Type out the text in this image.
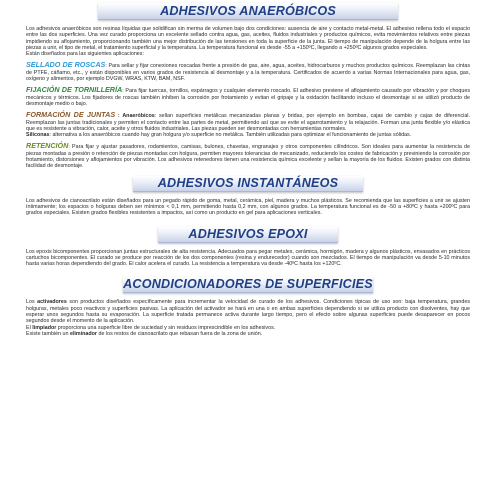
ADHESIVOS ANAERÓBICOS

Los adhesivos anaeróbicos son resinas líquidas que solidifican sin merma de volumen bajo dos condiciones: ausencia de aire y contacto metal-metal. El adhesivo rellena todo el espacio entre las dos superficies. Una vez curado proporciona un excelente sellado contra agua, gas, aceites, fluidos industriales y productos químicos, evita movimientos relativos entre piezas impidiendo su aflojamiento, proporcionando también una mejor distribución de las tensiones en toda la superficie de la junta. El tiempo de manipulación depende de la holgura entre las piezas a unir, el tipo de metal, el tratamiento superficial y la temperatura. La temperatura funcional es desde -55 a +150ºC, llegando a +250ºC algunos grados especiales.

Están diseñados para las siguientes aplicaciones:

SELLADO DE ROSCAS: Para sellar y fijar conexiones roscadas frente a presión de gas, aire, agua, aceites, hidrocarburos y muchos productos químicos. Reemplazan las cintas de PTFE, cáñamo, etc., y están disponibles en varios grados de resistencia al desmontaje y a la temperatura. Certificados de acuerdo a varias Normas Internacionales para agua, gas, oxígeno y alimentos, por ejemplo DVGW, WRAS, KTW, BAM, NSF.

FIJACIÓN DE TORNILLERÍA: Para fijar tuercas, tornillos, espárragos y cualquier elemento roscado. El adhesivo previene el aflojamiento causado por vibración y por choques mecánicos y térmicos. Los fijadores de roscas también inhiben la corrosión por frotamiento y evitan el gripaje y la oxidación facilitando incluso el desmontaje si se utilizó producto de desmontaje medio o bajo.

FORMACIÓN DE JUNTAS : Anaeróbicos: sellan superficies metálicas mecanizadas planas y bridas, por ejemplo en bombas, cajas de cambio y cajas de diferencial. Reemplazan las juntas tradicionales y permiten el contacto entre las partes de metal, permitiendo así que se evite el agarrotamiento y la relajación. Forman una junta flexible y/o elástica que es resistente a vibración, calor, aceite y otros fluidos industriales. Las piezas pueden ser desmontadas con herramientas normales.

Siliconas: alternativa a los anaeróbicos cuando hay gran holgura y/o superficie no metálica. También utilizadas para optimizar el funcionamiento de juntas sólidas.

RETENCIÓN: Para fijar y ajustar pasadores, rodamientos, camisas, bulones, chavetas, engranajes y otros componentes cilíndricos. Son ideales para aumentar la resistencia de piezas montadas a presión o retención de piezas montadas con holgura, permiten mayores tolerancias de mecanizado, reduciendo los costes de fabricación y previniendo la corrosión por frotamiento, distorsiones y aflojamientos por vibración. Los adhesivos retenedores tienen una resistencia química excelente y sellan la mayoría de los fluidos. Existen grados con distinta facilidad de desmontaje.

ADHESIVOS INSTANTÁNEOS

Los adhesivos de cianoacrilato están diseñados para un pegado rápido de goma, metal, cerámica, piel, madera y muchos plásticos. Se recomienda que las superficies a unir se ajusten íntimamente; los espacios o holguras deben ser mínimos < 0,1 mm, permitiendo hasta 0,2 mm, con algunos grados. La temperatura funcional es de -50 a +80ºC y hasta +200ºC para grados especiales. Existen grados flexibles resistentes a impactos, así como un producto en gel para aplicaciones verticales.

ADHESIVOS EPOXI

Los epoxis bicomponentes proporcionan juntas estructurales de alta resistencia. Adecuados para pegar metales, cerámica, hormigón, madera y algunos plásticos, envasados en prácticos cartuchos bicomponentes. El curado se produce por reacción de los dos componentes (resina y endurecedor) cuando son mezclados. El tiempo de manipulación va desde 5-10 minutos hasta varias horas dependiendo del grado. El calor acelera el curado. La resistencia a temperatura va desde -40ºC hasta los +120ºC.

ACONDICIONADORES DE SUPERFICIES

Los activadores son productos diseñados específicamente para incrementar la velocidad de curado de los adhesivos. Condiciones típicas de uso son: baja temperatura, grandes holguras, metales poco reactivos y superficies pasivas. La aplicación del activador se hará en una o en ambas superficies dependiendo si se utiliza producto con disolventes, hay que esperar unos segundos hasta su evaporación. La superficie tratada permanece activa durante largo tiempo, pero el efecto sobre algunas superficies puede desaparecer en pocos segundos desde el momento de la aplicación.

El limpiador proporciona una superficie libre de suciedad y sin residuos imprescindible en los adhesivos.

Existe también un eliminador de los restos de cianoacrilato que rebasan fuera de la zona de unión.
